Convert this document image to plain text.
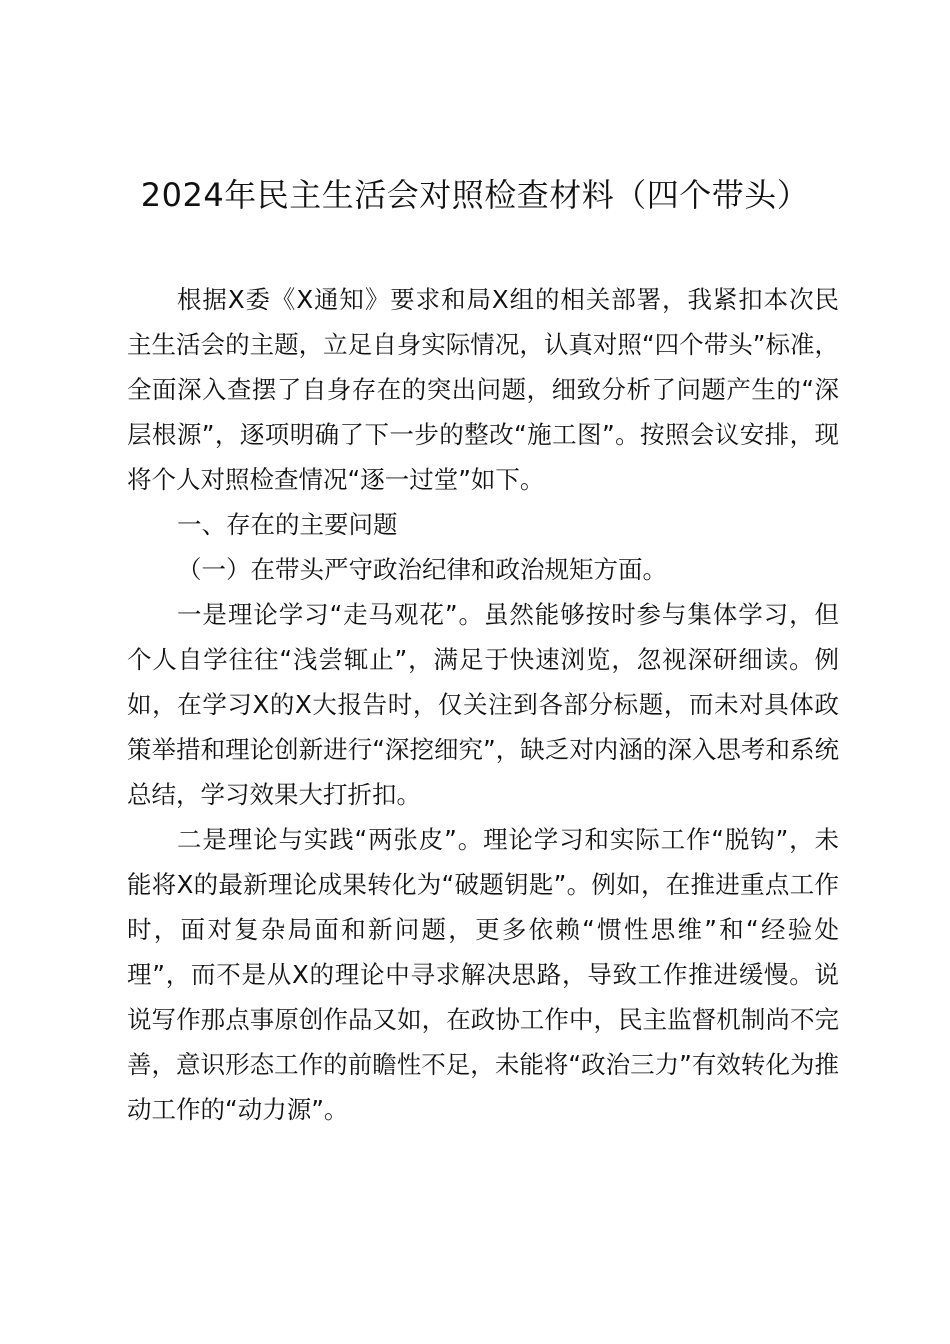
2024年民主生活会对照检查材料（四个带头）

根据X委《X通知》要求和局X组的相关部署，我紧扣本次民主生活会的主题，立足自身实际情况，认真对照“四个带头”标准，全面深入查摆了自身存在的突出问题，细致分析了问题产生的“深层根源”，逐项明确了下一步的整改“施工图”。按照会议安排，现将个人对照检查情况“逐一过堂”如下。

一、存在的主要问题

（一）在带头严守政治纪律和政治规矩方面。

一是理论学习“走马观花”。虽然能够按时参与集体学习，但个人自学往往“浅尝辄止”，满足于快速浏览，忽视深研细读。例如，在学习X的X大报告时，仅关注到各部分标题，而未对具体政策举措和理论创新进行“深挖细究”，缺乏对内涵的深入思考和系统总结，学习效果大打折扣。

二是理论与实践“两张皮”。理论学习和实际工作“脱钩”，未能将X的最新理论成果转化为“破题钥匙”。例如，在推进重点工作时，面对复杂局面和新问题，更多依赖“惯性思维”和“经验处理”，而不是从X的理论中寻求解决思路，导致工作推进缓慢。说说写作那点事原创作品又如，在政协工作中，民主监督机制尚不完善，意识形态工作的前瞻性不足，未能将“政治三力”有效转化为推动工作的“动力源”。
